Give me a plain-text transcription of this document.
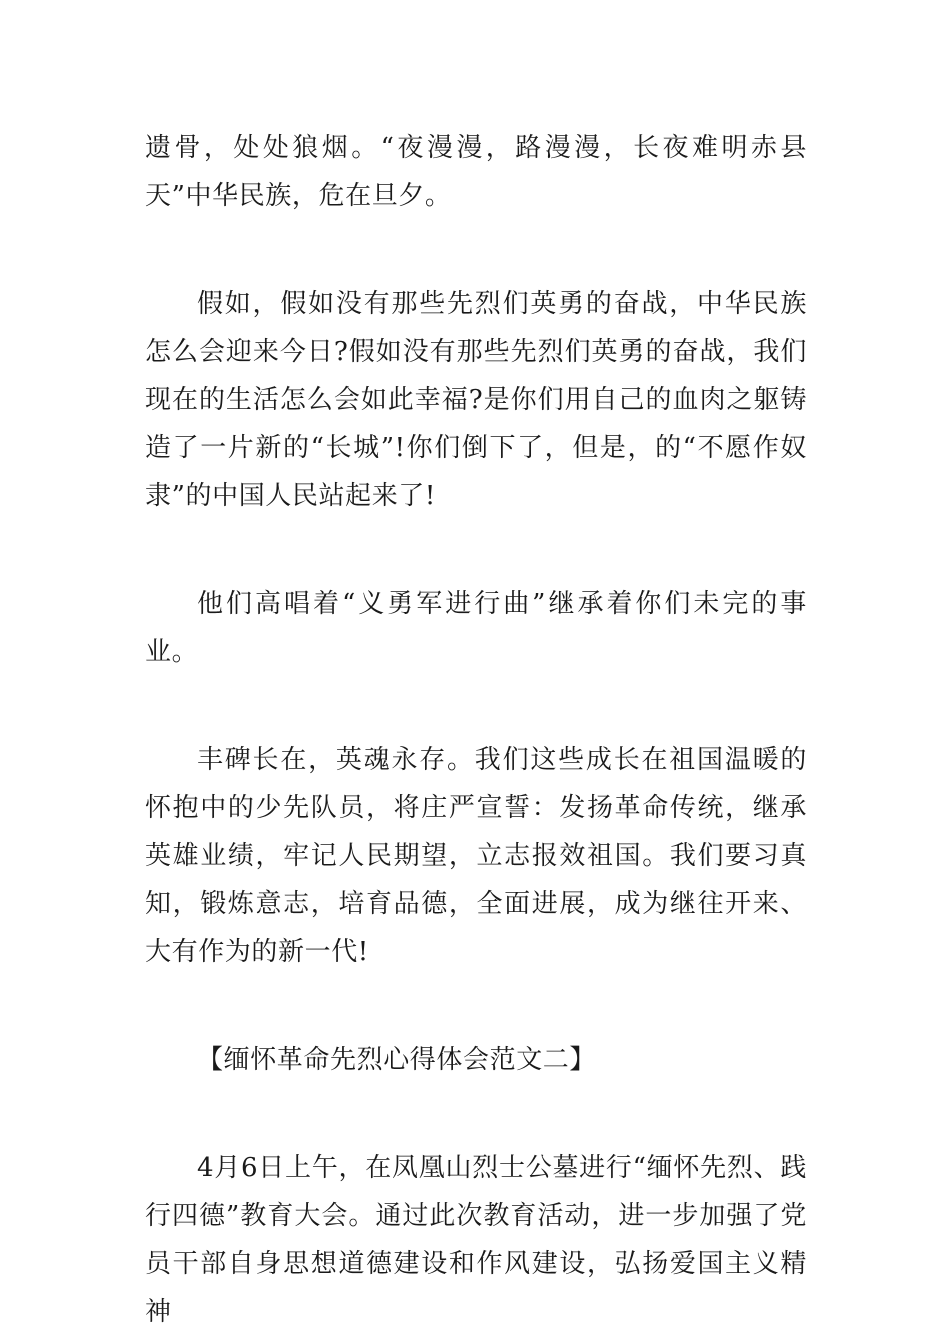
遗骨，处处狼烟。“夜漫漫，路漫漫，长夜难明赤县天”中华民族，危在旦夕。

假如，假如没有那些先烈们英勇的奋战，中华民族怎么会迎来今日?假如没有那些先烈们英勇的奋战，我们现在的生活怎么会如此幸福?是你们用自己的血肉之躯铸造了一片新的“长城”!你们倒下了，但是，的“不愿作奴隶”的中国人民站起来了!

他们高唱着“义勇军进行曲”继承着你们未完的事业。

丰碑长在，英魂永存。我们这些成长在祖国温暖的怀抱中的少先队员，将庄严宣誓：发扬革命传统，继承英雄业绩，牢记人民期望，立志报效祖国。我们要习真知，锻炼意志，培育品德，全面进展，成为继往开来、大有作为的新一代!

【缅怀革命先烈心得体会范文二】

4月6日上午，在凤凰山烈士公墓进行“缅怀先烈、践行四德”教育大会。通过此次教育活动，进一步加强了党员干部自身思想道德建设和作风建设，弘扬爱国主义精神
